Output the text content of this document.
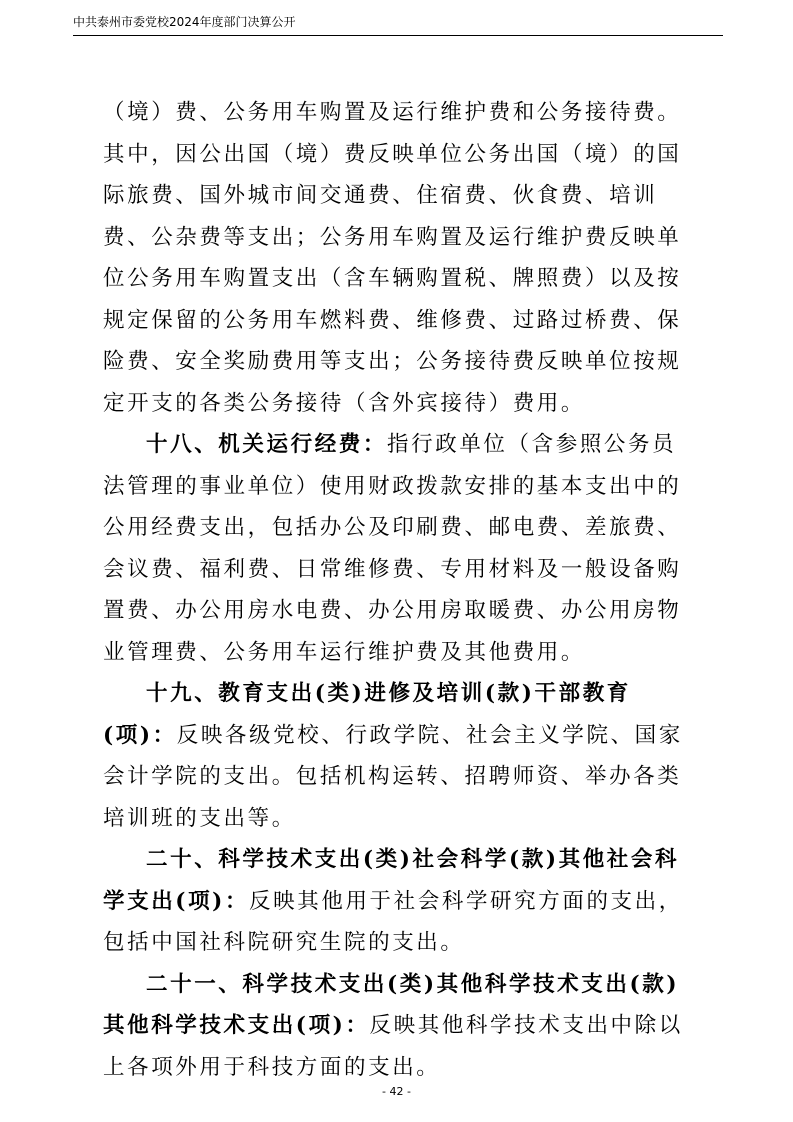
中共泰州市委党校2024年度部门决算公开

（境）费、公务用车购置及运行维护费和公务接待费。其中，因公出国（境）费反映单位公务出国（境）的国际旅费、国外城市间交通费、住宿费、伙食费、培训费、公杂费等支出；公务用车购置及运行维护费反映单位公务用车购置支出（含车辆购置税、牌照费）以及按规定保留的公务用车燃料费、维修费、过路过桥费、保险费、安全奖励费用等支出；公务接待费反映单位按规定开支的各类公务接待（含外宾接待）费用。

十八、机关运行经费：指行政单位（含参照公务员法管理的事业单位）使用财政拨款安排的基本支出中的公用经费支出，包括办公及印刷费、邮电费、差旅费、会议费、福利费、日常维修费、专用材料及一般设备购置费、办公用房水电费、办公用房取暖费、办公用房物业管理费、公务用车运行维护费及其他费用。

十九、教育支出(类)进修及培训(款)干部教育(项)：反映各级党校、行政学院、社会主义学院、国家会计学院的支出。包括机构运转、招聘师资、举办各类培训班的支出等。

二十、科学技术支出(类)社会科学(款)其他社会科学支出(项)：反映其他用于社会科学研究方面的支出，包括中国社科院研究生院的支出。

二十一、科学技术支出(类)其他科学技术支出(款)其他科学技术支出(项)：反映其他科学技术支出中除以上各项外用于科技方面的支出。

- 42 -
